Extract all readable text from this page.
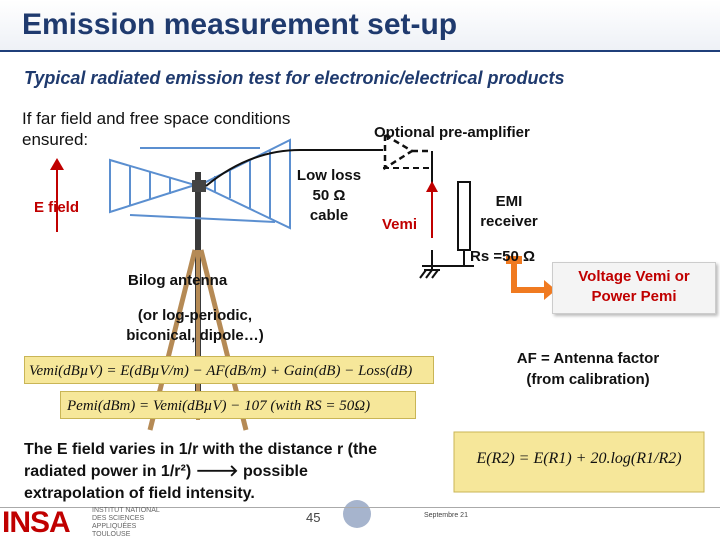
Emission measurement set-up
Typical radiated emission test for electronic/electrical products
If far field and free space conditions ensured:
E field
Low loss
50 Ω
cable
Optional pre-amplifier
Vemi
EMI
receiver
Rs =50 Ω
Bilog antenna
(or log-periodic,
biconical, dipole…)
Voltage Vemi or
Power Pemi
AF = Antenna factor
(from calibration)
Vemi(dBµV) = E(dBµV/m) − AF(dB/m) + Gain(dB) − Loss(dB)
Pemi(dBm) = Vemi(dBµV) − 107 (with RS = 50Ω)
E(R2) = E(R1) + 20.log(R1/R2)
The E field varies in 1/r with the distance r (the
radiated power in 1/r²) 🡒 possible
extrapolation of field intensity.
INSA	INSTITUT NATIONAL
DES SCIENCES
APPLIQUÉES
TOULOUSE
45	Septembre 21
